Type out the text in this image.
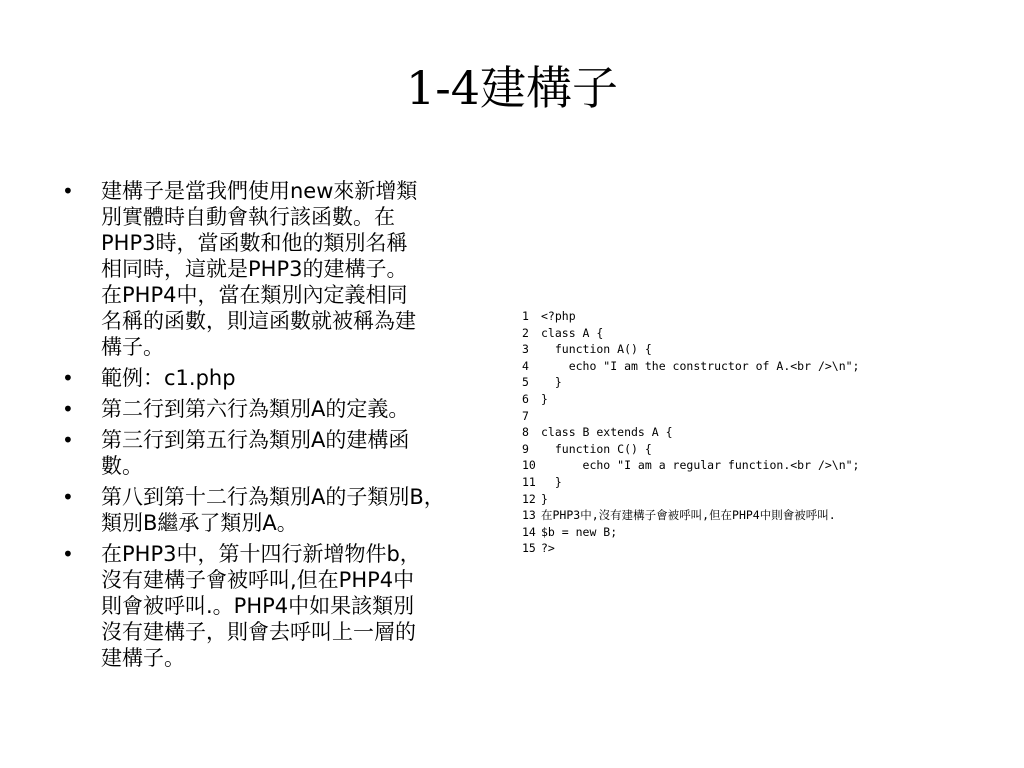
1-4建構子
• 建構子是當我們使用new來新增類
別實體時自動會執行該函數。在
PHP3時，當函數和他的類別名稱
相同時，這就是PHP3的建構子。
在PHP4中，當在類別內定義相同
名稱的函數，則這函數就被稱為建
構子。
• 範例：c1.php
• 第二行到第六行為類別A的定義。
• 第三行到第五行為類別A的建構函
數。
• 第八到第十二行為類別A的子類別B，
類別B繼承了類別A。
• 在PHP3中，第十四行新增物件b，
沒有建構子會被呼叫,但在PHP4中
則會被呼叫.。PHP4中如果該類別
沒有建構子，則會去呼叫上一層的
建構子。
1	<?php
2	class A {
3	function A() {
4	echo "I am the constructor of A.<br />\n";
5	}
6	}
7
8	class B extends A {
9	function C() {
10 echo "I am a regular function.<br />\n";
11 }
12 }
13 在PHP3中,沒有建構子會被呼叫,但在PHP4中則會被呼叫.
14 $b = new B;
15 ?>
